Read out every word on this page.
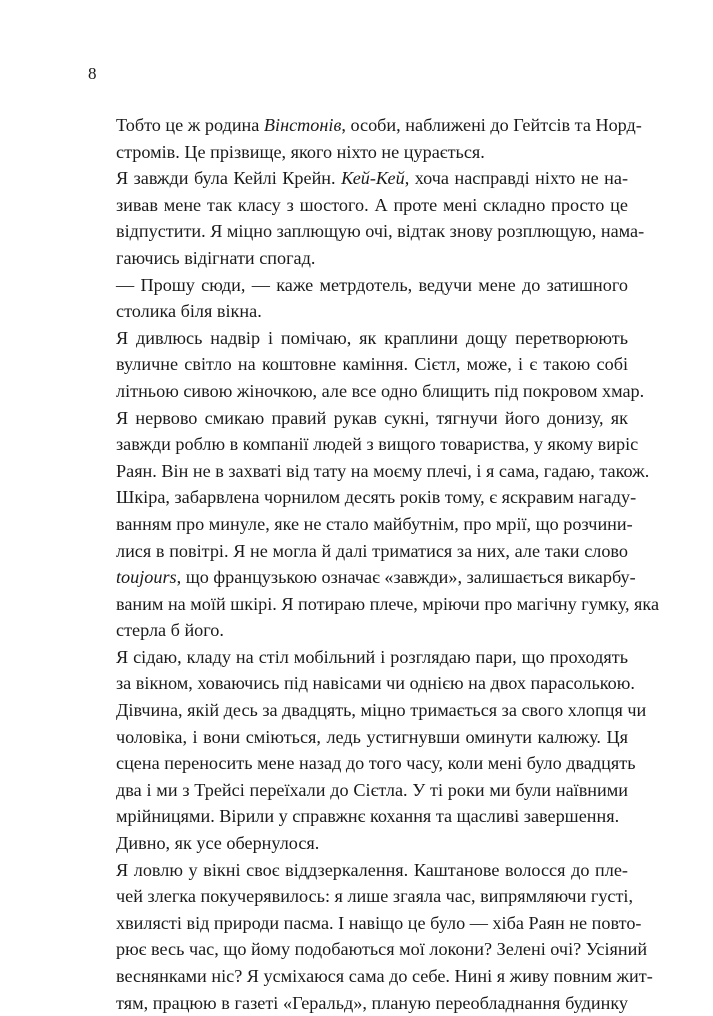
8
Тобто це ж родина Вінстонів, особи, наближені до Гейтсів та Норд-
стромів. Це прізвище, якого ніхто не цурається.
Я завжди була Кейлі Крейн. Кей-Кей, хоча насправді ніхто не на-
зивав мене так класу з шостого. А проте мені складно просто це
відпустити. Я міцно заплющую очі, відтак знову розплющую, нама-
гаючись відігнати спогад.
— Прошу сюди, — каже метрдотель, ведучи мене до затишного
столика біля вікна.
Я дивлюсь надвір і помічаю, як краплини дощу перетворюють
вуличне світло на коштовне каміння. Сієтл, може, і є такою собі
літньою сивою жіночкою, але все одно блищить під покровом хмар.
Я нервово смикаю правий рукав сукні, тягнучи його донизу, як
завжди роблю в компанії людей з вищого товариства, у якому виріс
Раян. Він не в захваті від тату на моєму плечі, і я сама, гадаю, також.
Шкіра, забарвлена чорнилом десять років тому, є яскравим нагаду-
ванням про минуле, яке не стало майбутнім, про мрії, що розчини-
лися в повітрі. Я не могла й далі триматися за них, але таки слово
toujours, що французькою означає «завжди», залишається викарбу-
ваним на моїй шкірі. Я потираю плече, мріючи про магічну гумку, яка
стерла б його.
Я сідаю, кладу на стіл мобільний і розглядаю пари, що проходять
за вікном, ховаючись під навісами чи однією на двох парасолькою.
Дівчина, якій десь за двадцять, міцно тримається за свого хлопця чи
чоловіка, і вони сміються, ледь устигнувши оминути калюжу. Ця
сцена переносить мене назад до того часу, коли мені було двадцять
два і ми з Трейсі переїхали до Сієтла. У ті роки ми були наївними
мрійницями. Вірили у справжнє кохання та щасливі завершення.
Дивно, як усе обернулося.
Я ловлю у вікні своє віддзеркалення. Каштанове волосся до пле-
чей злегка покучерявилось: я лише згаяла час, випрямляючи густі,
хвилясті від природи пасма. І навіщо це було — хіба Раян не повто-
рює весь час, що йому подобаються мої локони? Зелені очі? Усіяний
веснянками ніс? Я усміхаюся сама до себе. Нині я живу повним жит-
тям, працюю в газеті «Геральд», планую переобладнання будинку
